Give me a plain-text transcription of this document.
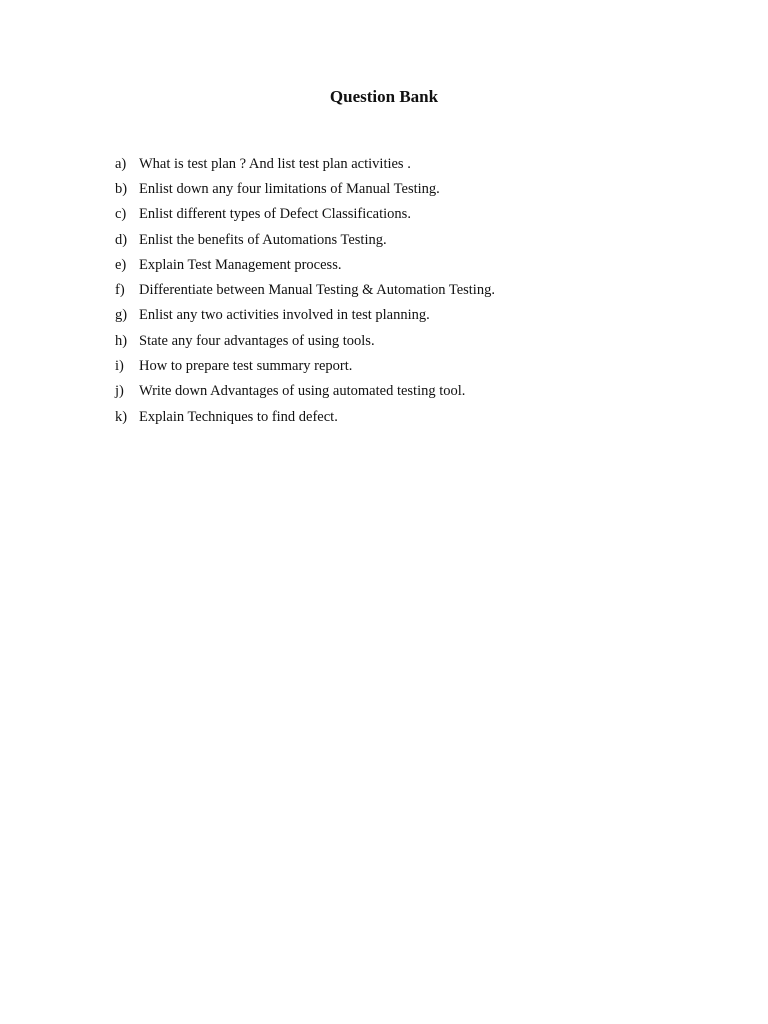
Question Bank
a) What is test plan ? And list test plan activities .
b) Enlist down any four limitations of Manual Testing.
c) Enlist different types of Defect Classifications.
d) Enlist the benefits of Automations Testing.
e) Explain Test Management process.
f) Differentiate between Manual Testing & Automation Testing.
g) Enlist any two activities involved in test planning.
h) State any four advantages of using tools.
i)	How to prepare test summary report.
j)	Write down Advantages of using automated testing tool.
k) Explain Techniques to find defect.
